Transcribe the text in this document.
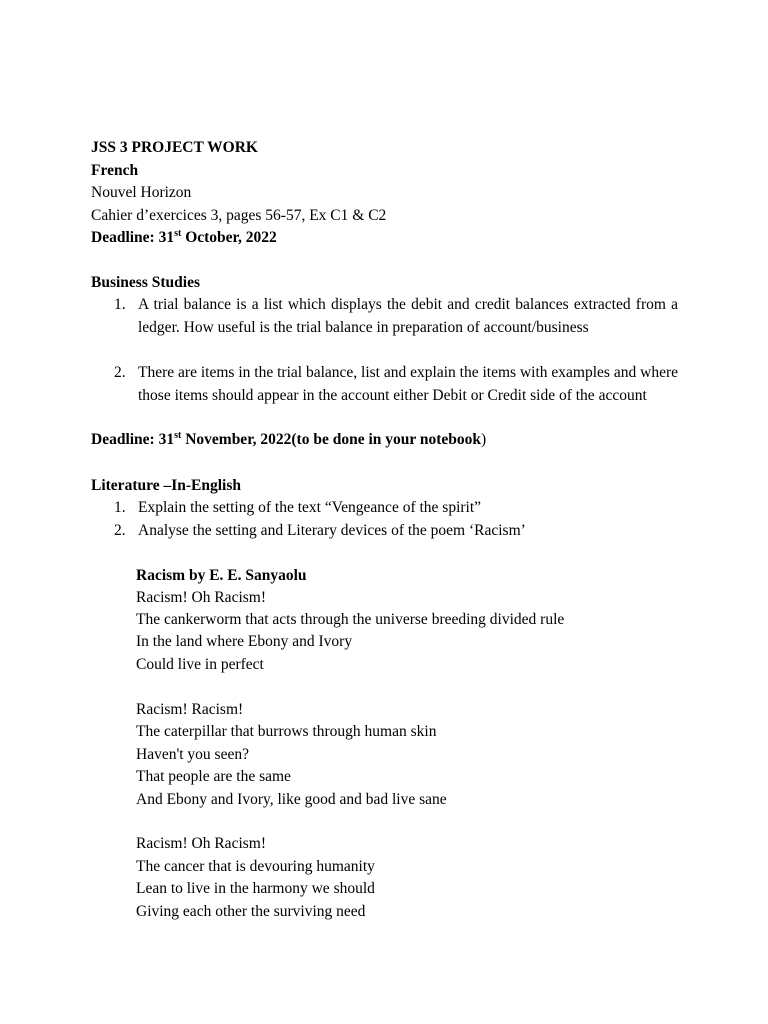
JSS 3 PROJECT WORK
French
Nouvel Horizon
Cahier d’exercices 3, pages 56-57, Ex C1 & C2
Deadline: 31st October, 2022
Business Studies
1. A trial balance is a list which displays the debit and credit balances extracted from a ledger. How useful is the trial balance in preparation of account/business
2. There are items in the trial balance, list and explain the items with examples and where those items should appear in the account either Debit or Credit side of the account
Deadline: 31st November, 2022(to be done in your notebook)
Literature –In-English
1. Explain the setting of the text “Vengeance of the spirit”
2. Analyse the setting and Literary devices of the poem ‘Racism’
Racism by E. E. Sanyaolu
Racism! Oh Racism!
The cankerworm that acts through the universe breeding divided rule
In the land where Ebony and Ivory
Could live in perfect
Racism! Racism!
The caterpillar that burrows through human skin
Haven't you seen?
That people are the same
And Ebony and Ivory, like good and bad live sane
Racism! Oh Racism!
The cancer that is devouring humanity
Lean to live in the harmony we should
Giving each other the surviving need
